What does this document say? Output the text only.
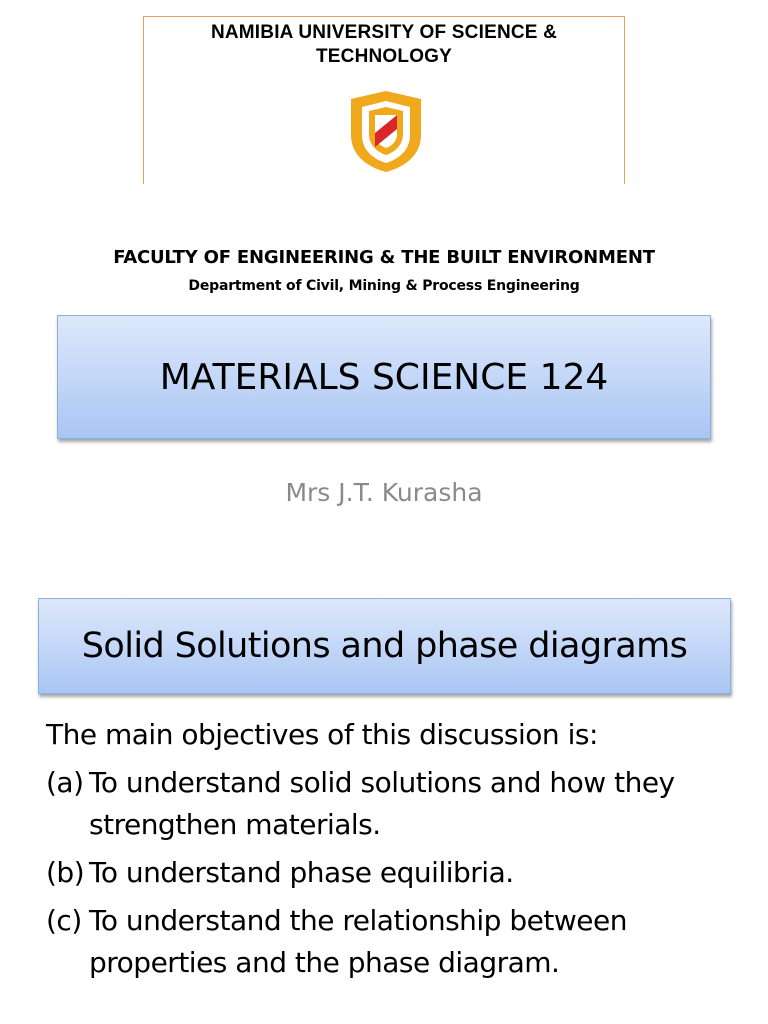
NAMIBIA UNIVERSITY OF SCIENCE &
TECHNOLOGY
FACULTY OF ENGINEERING & THE BUILT ENVIRONMENT
Department of Civil, Mining & Process Engineering
MATERIALS SCIENCE 124
Mrs J.T. Kurasha
Solid Solutions and phase diagrams
The main objectives of this discussion is:
(a) To understand solid solutions and how they strengthen materials.
(b) To understand phase equilibria.
(c) To understand the relationship between properties and the phase diagram.
